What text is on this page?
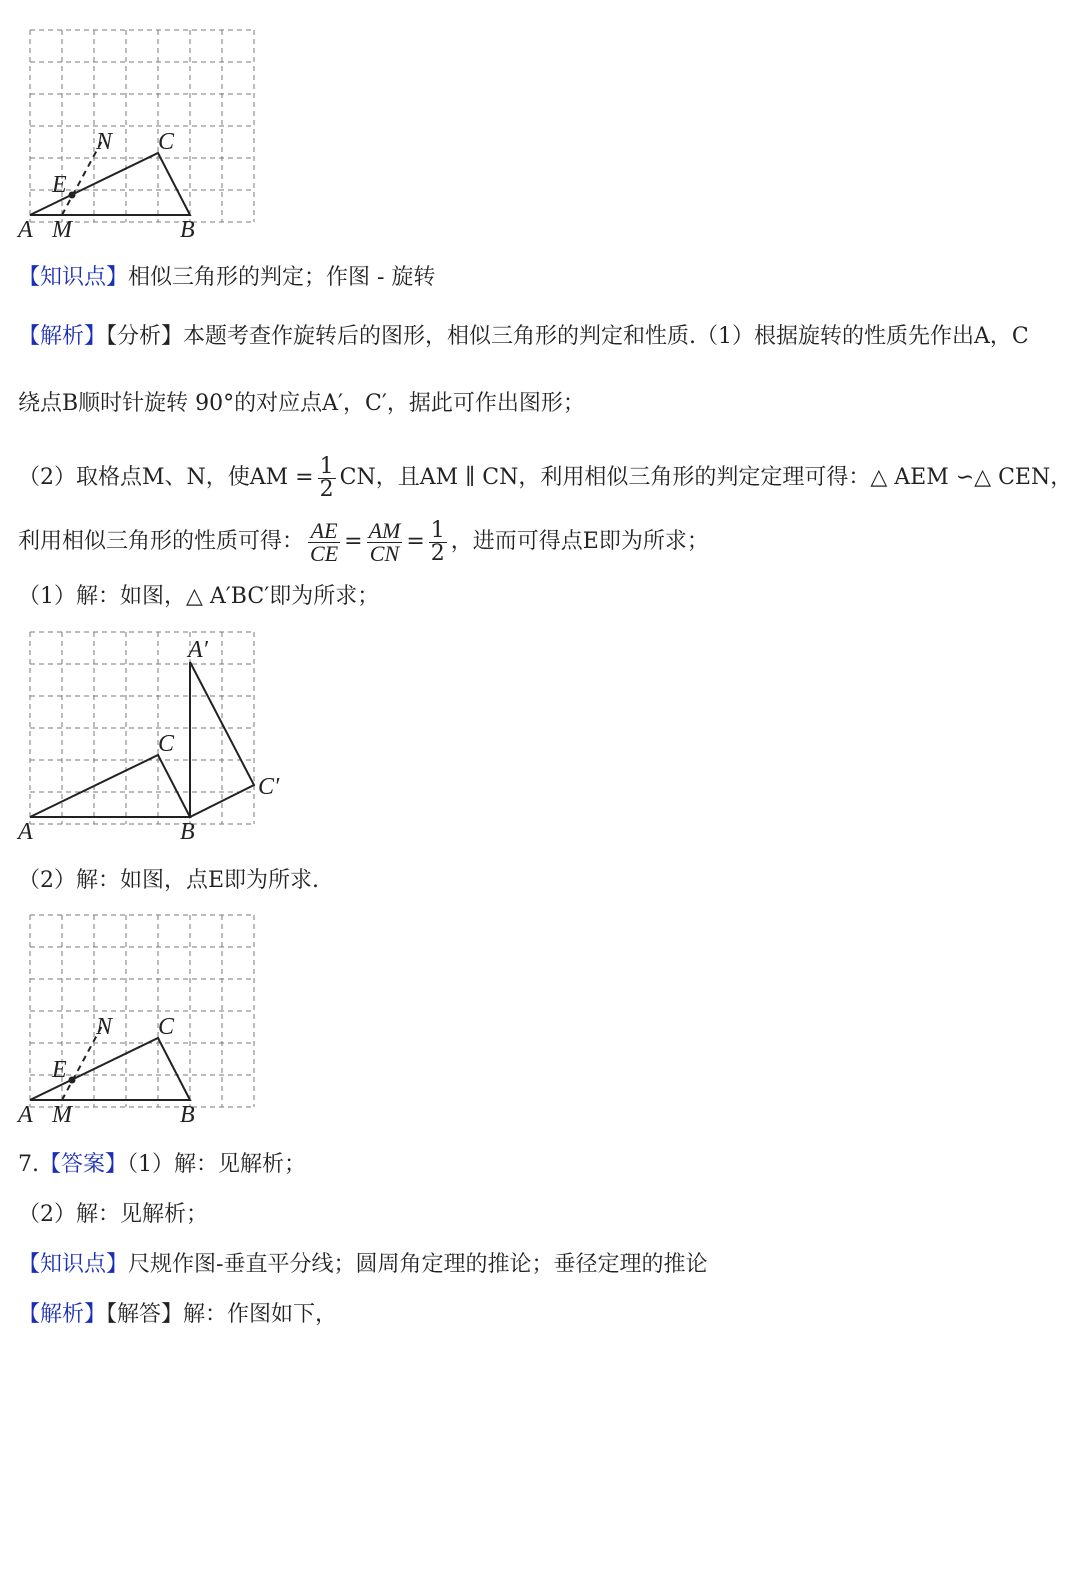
A M	B
C
N
E
【知识点】相似三角形的判定；作图 - 旋转
【解析】【分析】本题考查作旋转后的图形，相似三角形的判定和性质.（1）根据旋转的性质先作出A，C
绕点B顺时针旋转 90°的对应点A′，C′，据此可作出图形；
（2）取格点M、N，使AM = $\frac{1}{2}$ CN，且AM ∥ CN，利用相似三角形的判定定理可得：△ AEM ∽△ CEN，
利用相似三角形的性质可得： $\frac{AE}{CE} = \frac{AM}{CN} = \frac{1}{2}$ ，进而可得点E即为所求；
（1）解：如图，△ A′BC′即为所求；
A	B
C
A′
C′
（2）解：如图，点E即为所求.
A M	B
C
N
E
7.【答案】（1）解：见解析；
（2）解：见解析；
【知识点】尺规作图-垂直平分线；圆周角定理的推论；垂径定理的推论
【解析】【解答】解：作图如下，
